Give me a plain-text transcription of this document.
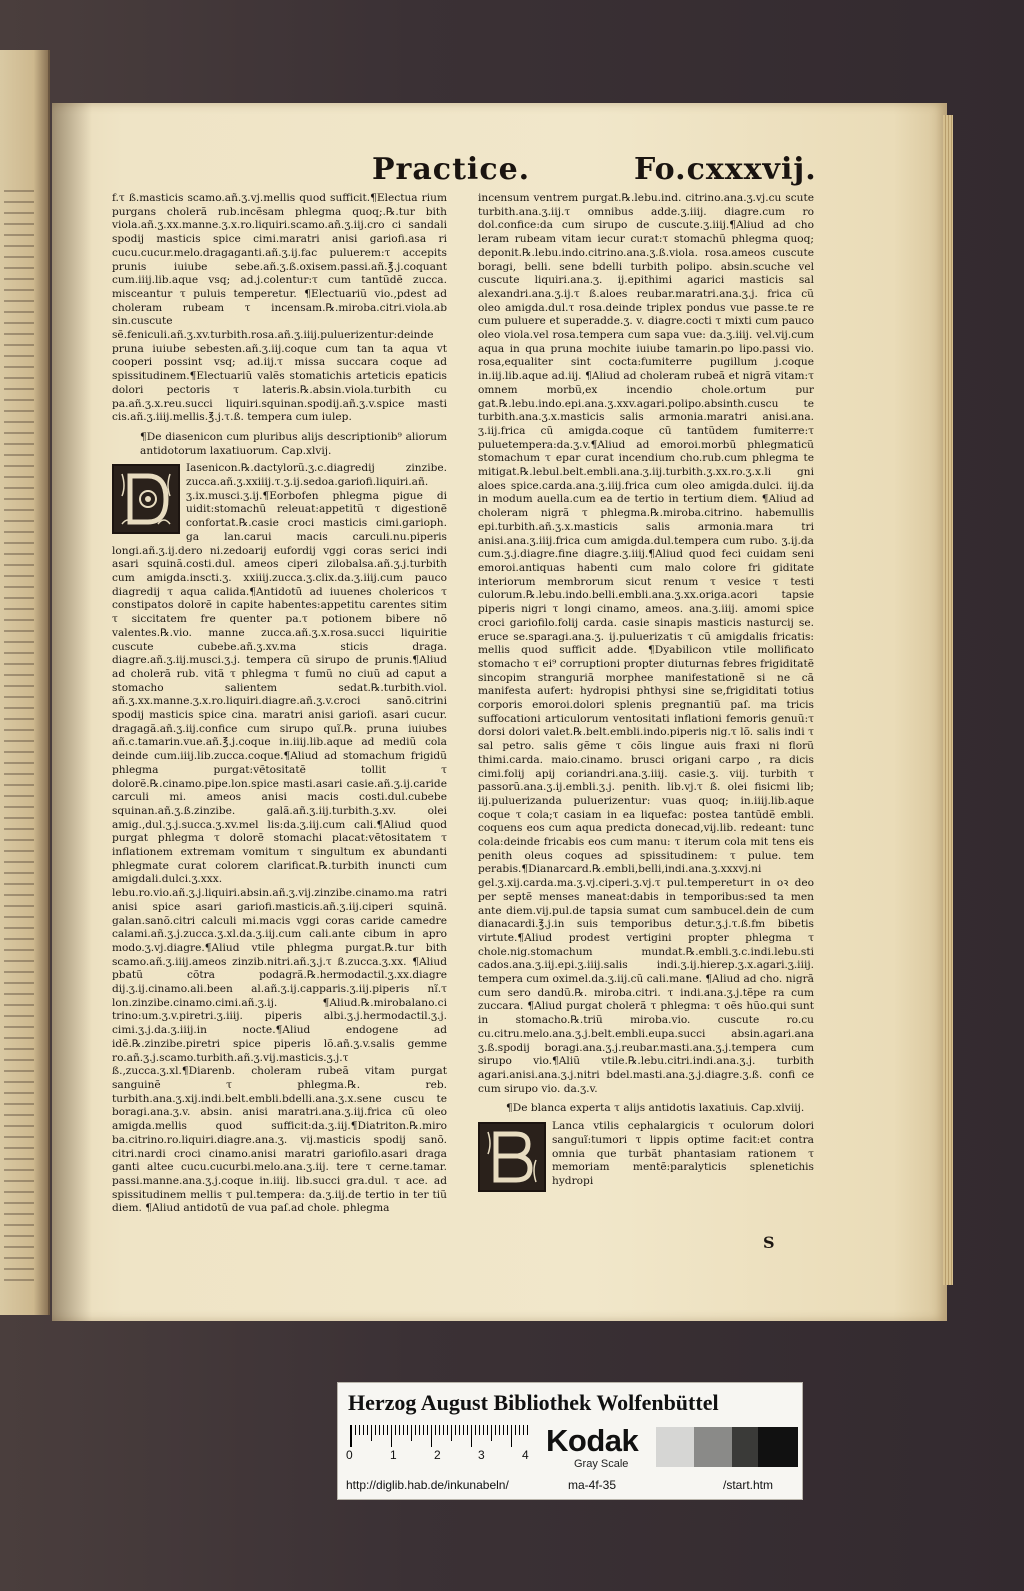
Practice.	Fo.cxxxvij.

f.τ ß.masticis scamo.añ.ʒ.vj.mellis quod sufficit.¶Electua rium purgans cholerã rub.incẽsam phlegma quoq;.℞.tur bith viola.añ.ʒ.xx.manne.ʒ.x.ro.liquiri.scamo.añ.ʒ.iij.cro ci sandali spodij masticis spice cimi.maratri anisi gariofi.asa ri cucu.cucur.melo.dragaganti.añ.ʒ.ij.fac puluerem:τ accepits prunis iuiube sebe.añ.ʒ.ß.oxisem.passi.añ.℥.j.coquant cum.iiij.lib.aque vsq; ad.j.colentur:τ cum tantũdẽ zucca. misceantur τ puluis temperetur. ¶Electuariũ vio.,pdest ad choleram rubeam τ incensam.℞.miroba.citri.viola.ab sin.cuscute sẽ.feniculi.añ.ʒ.xv.turbith.rosa.añ.ʒ.iiij.puluerizentur:deinde pruna iuiube sebesten.añ.ʒ.iij.coque cum tan ta aqua vt cooperi possint vsq; ad.iij.τ missa succara coque ad spissitudinem.¶Electuariũ valẽs stomatichis arteticis epaticis dolori pectoris τ lateris.℞.absin.viola.turbith cu pa.añ.ʒ.x.reu.succi liquiri.squinan.spodij.añ.ʒ.v.spice masti cis.añ.ʒ.iiij.mellis.℥.j.τ.ß. tempera cum iulep.

¶De diasenicon cum pluribus alijs descriptionib⁹ aliorum antidotorum laxatiuorum. Cap.xlvij.

Iasenicon.℞.dactylorũ.ʒ.c.diagredij zinzibe. zucca.añ.ʒ.xxiiij.τ.ʒ.ij.sedoa.gariofi.liquiri.añ. ʒ.ix.musci.ʒ.ij.¶Eorbofen phlegma pigue di uidit:stomachũ releuat:appetitũ τ digestionẽ confortat.℞.casie croci masticis cimi.garioph. ga lan.carui macis carculi.nu.piperis longi.añ.ʒ.ij.dero ni.zedoarij eufordij vggi coras serici indi asari squinã.costi.dul. ameos ciperi zilobalsa.añ.ʒ.j.turbith cum amigda.inscti.ʒ. xxiiij.zucca.ʒ.clix.da.ʒ.iiij.cum pauco diagredij τ aqua calida.¶Antidotũ ad iuuenes cholericos τ constipatos dolorẽ in capite habentes:appetitu carentes sitim τ siccitatem fre quenter pa.τ potionem bibere nõ valentes.℞.vio. manne zucca.añ.ʒ.x.rosa.succi liquiritie cuscute cubebe.añ.ʒ.xv.ma sticis draga. diagre.añ.ʒ.iij.musci.ʒ.j. tempera cũ sirupo de prunis.¶Aliud ad cholerã rub. vitã τ phlegma τ fumũ no ciuũ ad caput a stomacho salientem sedat.℞.turbith.viol. añ.ʒ.xx.manne.ʒ.x.ro.liquiri.diagre.añ.ʒ.v.croci sanõ.citrini spodij masticis spice cina. maratri anisi garioſi. asari cucur. dragagã.añ.ʒ.iij.confice cum sirupo quĩ.℞. pruna iuiubes añ.c.tamarin.vue.añ.℥.j.coque in.iiij.lib.aque ad mediũ cola deinde cum.iiij.lib.zucca.coque.¶Aliud ad stomachum frigidũ phlegma purgat:vẽtositatẽ tollit τ dolorẽ.℞.cinamo.pipe.lon.spice masti.asari casie.añ.ʒ.ij.caride carculi mi. ameos anisi macis costi.dul.cubebe squinan.añ.ʒ.ß.zinzibe. galã.añ.ʒ.iij.turbith.ʒ.xv. olei amig.,dul.ʒ.j.succa.ʒ.xv.mel lis:da.ʒ.iij.cum cali.¶Aliud quod purgat phlegma τ dolorẽ stomachi placat:vẽtositatem τ inflationem extremam vomitum τ singultum ex abundanti phlegmate curat colorem clarificat.℞.turbith inuncti cum amigdali.dulci.ʒ.xxx. lebu.ro.vio.añ.ʒ.j.liquiri.absin.añ.ʒ.vij.zinzibe.cinamo.ma ratri anisi spice asari gariofi.masticis.añ.ʒ.iij.ciperi squinã. galan.sanõ.citri calculi mi.macis vggi coras caride camedre calami.añ.ʒ.j.zucca.ʒ.xl.da.ʒ.iij.cum cali.ante cibum in apro modo.ʒ.vj.diagre.¶Aliud vtile phlegma purgat.℞.tur bith scamo.añ.ʒ.iiij.ameos zinzib.nitri.añ.ʒ.j.τ ß.zucca.ʒ.xx. ¶Aliud pbatũ cõtra podagrã.℞.hermodactil.ʒ.xx.diagre dij.ʒ.ij.cinamo.ali.been al.añ.ʒ.ij.capparis.ʒ.iij.piperis nĩ.τ lon.zinzibe.cinamo.cimi.añ.ʒ.ij. ¶Aliud.℞.mirobalano.ci trino:um.ʒ.v.piretri.ʒ.iiij. piperis albi.ʒ.j.hermodactil.ʒ.j. cimi.ʒ.j.da.ʒ.iiij.in nocte.¶Aliud endogene ad idẽ.℞.zinzibe.piretri spice piperis lõ.añ.ʒ.v.salis gemme ro.añ.ʒ.j.scamo.turbith.añ.ʒ.vij.masticis.ʒ.j.τ ß.,zucca.ʒ.xl.¶Diarenb. choleram rubeã vitam purgat sanguinẽ τ phlegma.℞. reb. turbith.ana.ʒ.xij.indi.belt.embli.bdelli.ana.ʒ.x.sene cuscu te boragi.ana.ʒ.v. absin. anisi maratri.ana.ʒ.iij.frica cũ oleo amigda.mellis quod sufficit:da.ʒ.iij.¶Diatriton.℞.miro ba.citrino.ro.liquiri.diagre.ana.ʒ. vij.masticis spodij sanõ. citri.nardi croci cinamo.anisi maratri gariofilo.asari draga ganti altee cucu.cucurbi.melo.ana.ʒ.iij. tere τ cerne.tamar. passi.manne.ana.ʒ.j.coque in.iiij. lib.succi gra.dul. τ ace. ad spissitudinem mellis τ pul.tempera: da.ʒ.iij.de tertio in ter tiũ diem. ¶Aliud antidotũ de vua paſ.ad chole. phlegma

incensum ventrem purgat.℞.lebu.ind. citrino.ana.ʒ.vj.cu scute turbith.ana.ʒ.iij.τ omnibus adde.ʒ.iiij. diagre.cum ro dol.confice:da cum sirupo de cuscute.ʒ.iiij.¶Aliud ad cho leram rubeam vitam iecur curat:τ stomachũ phlegma quoq; deponit.℞.lebu.indo.citrino.ana.ʒ.ß.viola. rosa.ameos cuscute boragi, belli. sene bdelli turbith polipo. absin.scuche vel cuscute liquiri.ana.ʒ. ij.epithimi agarici masticis sal alexandri.ana.ʒ.ij.τ ß.aloes reubar.maratri.ana.ʒ.j. frica cũ oleo amigda.dul.τ rosa.deinde triplex pondus vue passe.te re cum puluere et superadde.ʒ. v. diagre.cocti τ mixti cum pauco oleo viola.vel rosa.tempera cum sapa vue: da.ʒ.iiij. vel.vij.cum aqua in qua pruna mochite iuiube tamarin.po lipo.passi vio. rosa,equaliter sint cocta:fumiterre pugillum j.coque in.iij.lib.aque ad.iij. ¶Aliud ad choleram rubeã et nigrã vitam:τ omnem morbũ,ex incendio chole.ortum pur gat.℞.lebu.indo.epi.ana.ʒ.xxv.agari.polipo.absinth.cuscu te turbith.ana.ʒ.x.masticis salis armonia.maratri anisi.ana. ʒ.iij.frica cũ amigda.coque cũ tantũdem fumiterre:τ puluetempera:da.ʒ.v.¶Aliud ad emoroi.morbũ phlegmaticũ stomachum τ epar curat incendium cho.rub.cum phlegma te mitigat.℞.lebul.belt.embli.ana.ʒ.iij.turbith.ʒ.xx.ro.ʒ.x.li gni aloes spice.carda.ana.ʒ.iiij.frica cum oleo amigda.dulci. iij.da in modum auella.cum ea de tertio in tertium diem. ¶Aliud ad choleram nigrã τ phlegma.℞.miroba.citrino. habemullis epi.turbith.añ.ʒ.x.masticis salis armonia.mara tri anisi.ana.ʒ.iiij.frica cum amigda.dul.tempera cum rubo. ʒ.ij.da cum.ʒ.j.diagre.fine diagre.ʒ.iiij.¶Aliud quod feci cuidam seni emoroi.antiquas habenti cum malo colore fri giditate interiorum membrorum sicut renum τ vesice τ testi culorum.℞.lebu.indo.belli.embli.ana.ʒ.xx.origa.acori tapsie piperis nigri τ longi cinamo, ameos. ana.ʒ.iiij. amomi spice croci gariofilo.folij carda. casie sinapis masticis nasturcij se. eruce se.sparagi.ana.ʒ. ij.puluerizatis τ cũ amigdalis fricatis: mellis quod sufficit adde. ¶Dyabilicon vtile mollificato stomacho τ ei⁹ corruptioni propter diuturnas febres frigiditatẽ sincopim stranguriã morphee manifestationẽ si ne cã manifesta aufert: hydropisi phthysi sine se,frigiditati totius corporis emoroi.dolori splenis pregnantiũ paſ. ma tricis suffocationi articulorum ventositati inflationi femoris genuũ:τ dorsi dolori valet.℞.belt.embli.indo.piperis nig.τ lõ. salis indi τ sal petro. salis gẽme τ cõis lingue auis fraxi ni florũ thimi.carda. maio.cinamo. brusci origani carpo , ra dicis cimi.folij apij coriandri.ana.ʒ.iiij. casie.ʒ. viij. turbith τ passorũ.ana.ʒ.ij.embli.ʒ.j. penith. lib.vj.τ ß. olei fisicmi lib; iij.puluerizanda puluerizentur: vuas quoq; in.iiij.lib.aque coque τ cola;τ casiam in ea liquefac: postea tantũdẽ embli. coquens eos cum aqua predicta donecad,vij.lib. redeant: tunc cola:deinde fricabis eos cum manu: τ iterum cola mit tens eis penith oleus coques ad spissitudinem: τ pulue. tem perabis.¶Dianarcard.℞.embli,belli,indi.ana.ʒ.xxxvj.ni gel.ʒ.xij.carda.ma.ʒ.vj.ciperi.ʒ.vj.τ pul.tempereturτ in oꝛ deo per septẽ menses maneat:dabis in temporibus:sed ta men ante diem.vij.pul.de tapsia sumat cum sambucel.dein de cum dianacardi.℥.j.in suis temporibus detur.ʒ.j.τ.ß.fm bibetis virtute.¶Aliud prodest vertigini propter phlegma τ chole.nig.stomachum mundat.℞.embli.ʒ.c.indi.lebu.sti cados.ana.ʒ.iij.epi.ʒ.iiij.salis indi.ʒ.ij.hierep.ʒ.x.agari.ʒ.iiij. tempera cum oximel.da.ʒ.iij.cũ cali.mane. ¶Aliud ad cho. nigrã cum sero dandũ.℞. miroba.citri. τ indi.ana.ʒ.j.tẽpe ra cum zuccara. ¶Aliud purgat cholerã τ phlegma: τ oẽs hũo.qui sunt in stomacho.℞.triũ miroba.vio. cuscute ro.cu cu.citru.melo.ana.ʒ.j.belt.embli.eupa.succi absin.agari.ana ʒ.ß.spodij boragi.ana.ʒ.j.reubar.masti.ana.ʒ.j.tempera cum sirupo vio.¶Aliũ vtile.℞.lebu.citri.indi.ana.ʒ.j. turbith agari.anisi.ana.ʒ.j.nitri bdel.masti.ana.ʒ.j.diagre.ʒ.ß. confi ce cum sirupo vio. da.ʒ.v.

¶De blanca experta τ alijs antidotis laxatiuis. Cap.xlviij.

Lanca vtilis cephalargicis τ oculorum dolori sanguĩ:tumori τ lippis optime facit:et contra omnia que turbãt phantasiam rationem τ memoriam mentẽ:paralyticis splenetichis hydropi

S
Herzog August Bibliothek Wolfenbüttel
0	1	2	3	4 Kodak
Gray Scale
http://diglib.hab.de/inkunabeln/	ma-4f-35	/start.htm
